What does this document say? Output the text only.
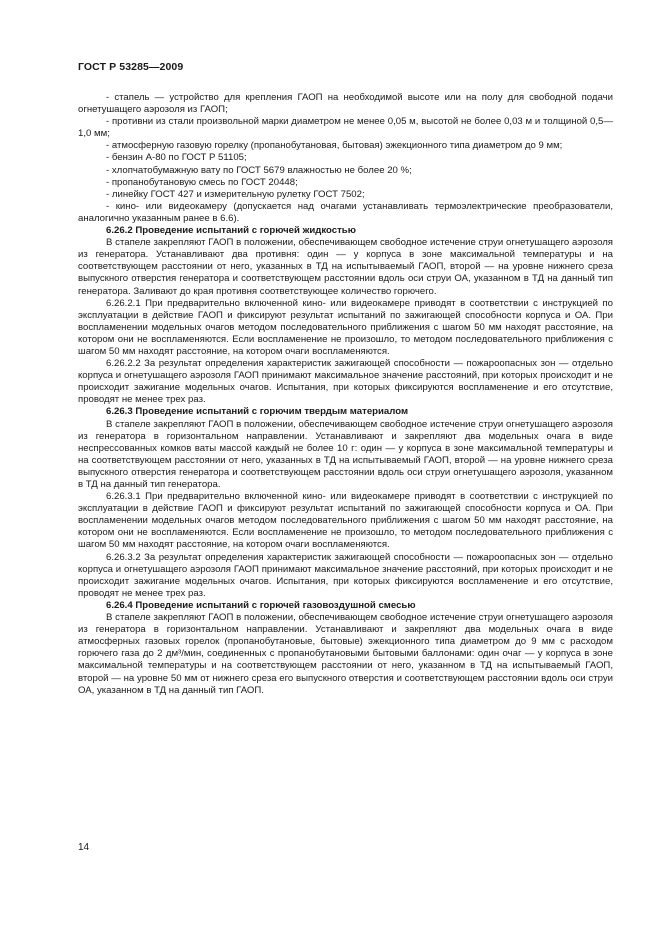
ГОСТ Р 53285—2009

- стапель — устройство для крепления ГАОП на необходимой высоте или на полу для свободной подачи огнетушащего аэрозоля из ГАОП;

- противни из стали произвольной марки диаметром не менее 0,05 м, высотой не более 0,03 м и толщиной 0,5—1,0 мм;

- атмосферную газовую горелку (пропанобутановая, бытовая) эжекционного типа диаметром до 9 мм;

- бензин А-80 по ГОСТ Р 51105;

- хлопчатобумажную вату по ГОСТ 5679 влажностью не более 20 %;

- пропанобутановую смесь по ГОСТ 20448;

- линейку ГОСТ 427 и измерительную рулетку ГОСТ 7502;

- кино- или видеокамеру (допускается над очагами устанавливать термоэлектрические преобразователи, аналогично указанным ранее в 6.6).

6.26.2 Проведение испытаний с горючей жидкостью

В стапеле закрепляют ГАОП в положении, обеспечивающем свободное истечение струи огнетушащего аэрозоля из генератора. Устанавливают два противня: один — у корпуса в зоне максимальной температуры и на соответствующем расстоянии от него, указанных в ТД на испытываемый ГАОП, второй — на уровне нижнего среза выпускного отверстия генератора и соответствующем расстоянии вдоль оси струи ОА, указанном в ТД на данный тип генератора. Заливают до края противня соответствующее количество горючего.

6.26.2.1 При предварительно включенной кино- или видеокамере приводят в соответствии с инструкцией по эксплуатации в действие ГАОП и фиксируют результат испытаний по зажигающей способности корпуса и ОА. При воспламенении модельных очагов методом последовательного приближения с шагом 50 мм находят расстояние, на котором они не воспламеняются. Если воспламенение не произошло, то методом последовательного приближения с шагом 50 мм находят расстояние, на котором очаги воспламеняются.

6.26.2.2 За результат определения характеристик зажигающей способности — пожароопасных зон — отдельно корпуса и огнетушащего аэрозоля ГАОП принимают максимальное значение расстояний, при которых происходит и не происходит зажигание модельных очагов. Испытания, при которых фиксируются воспламенение и его отсутствие, проводят не менее трех раз.

6.26.3 Проведение испытаний с горючим твердым материалом

В стапеле закрепляют ГАОП в положении, обеспечивающем свободное истечение струи огнетушащего аэрозоля из генератора в горизонтальном направлении. Устанавливают и закрепляют два модельных очага в виде неспрессованных комков ваты массой каждый не более 10 г: один — у корпуса в зоне максимальной температуры и на соответствующем расстоянии от него, указанных в ТД на испытываемый ГАОП, второй — на уровне нижнего среза выпускного отверстия генератора и соответствующем расстоянии вдоль оси струи огнетушащего аэрозоля, указанном в ТД на данный тип генератора.

6.26.3.1 При предварительно включенной кино- или видеокамере приводят в соответствии с инструкцией по эксплуатации в действие ГАОП и фиксируют результат испытаний по зажигающей способности корпуса и ОА. При воспламенении модельных очагов методом последовательного приближения с шагом 50 мм находят расстояние, на котором они не воспламеняются. Если воспламенение не произошло, то методом последовательного приближения с шагом 50 мм находят расстояние, на котором очаги воспламеняются.

6.26.3.2 За результат определения характеристик зажигающей способности — пожароопасных зон — отдельно корпуса и огнетушащего аэрозоля ГАОП принимают максимальное значение расстояний, при которых происходит и не происходит зажигание модельных очагов. Испытания, при которых фиксируются воспламенение и его отсутствие, проводят не менее трех раз.

6.26.4 Проведение испытаний с горючей газовоздушной смесью

В стапеле закрепляют ГАОП в положении, обеспечивающем свободное истечение струи огнетушащего аэрозоля из генератора в горизонтальном направлении. Устанавливают и закрепляют два модельных очага в виде атмосферных газовых горелок (пропанобутановые, бытовые) эжекционного типа диаметром до 9 мм с расходом горючего газа до 2 дм³/мин, соединенных с пропанобутановыми бытовыми баллонами: один очаг — у корпуса в зоне максимальной температуры и на соответствующем расстоянии от него, указанном в ТД на испытываемый ГАОП, второй — на уровне 50 мм от нижнего среза его выпускного отверстия и соответствующем расстоянии вдоль оси струи ОА, указанном в ТД на данный тип ГАОП.

14
